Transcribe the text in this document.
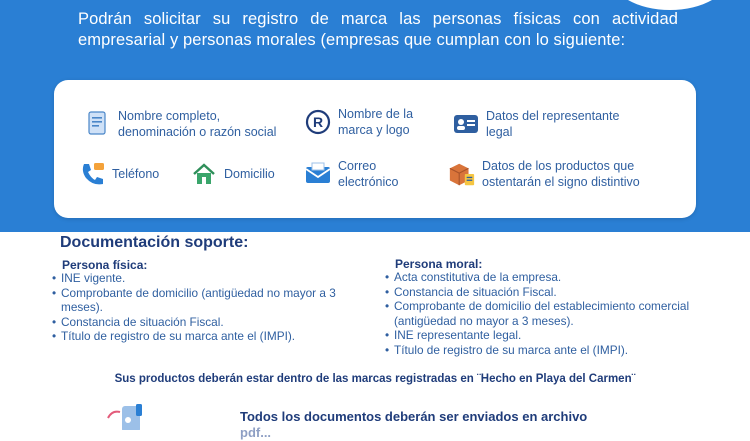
Podrán solicitar su registro de marca las personas físicas con actividad empresarial y personas morales (empresas que cumplan con lo siguiente:
Nombre completo, denominación o razón social
R Nombre de la marca y logo
Datos del representante legal
Teléfono	Domicilio
Correo electrónico
Datos de los productos que ostentarán el signo distintivo
Documentación soporte:
Persona física:
• INE vigente.
• Comprobante de domicilio (antigüedad no mayor a 3 meses).
• Constancia de situación Fiscal.
• Título de registro de su marca ante el (IMPI).
Persona moral:
• Acta constitutiva de la empresa.
• Constancia de situación Fiscal.
• Comprobante de domicilio del establecimiento comercial (antigüedad no mayor a 3 meses).
• INE representante legal.
• Título de registro de su marca ante el (IMPI).
Sus productos deberán estar dentro de las marcas registradas en ¨Hecho en Playa del Carmen¨
Todos los documentos deberán ser enviados en archivo
pdf...
